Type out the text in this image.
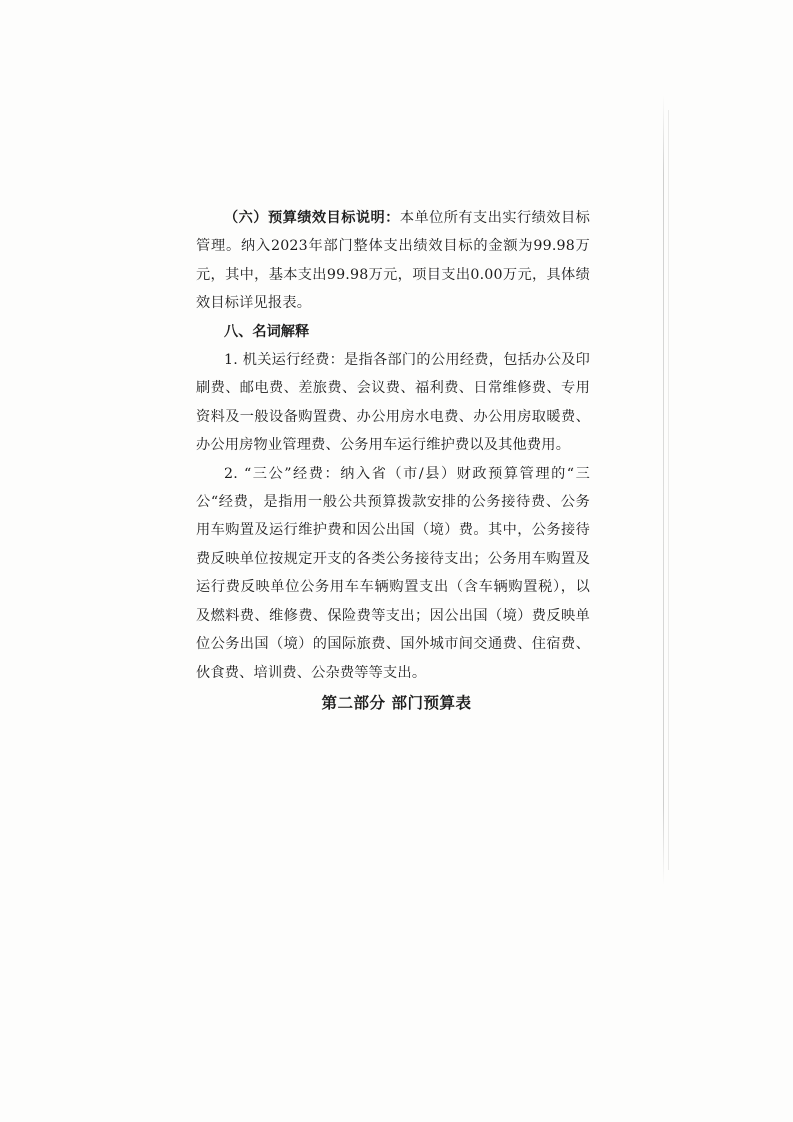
（六）预算绩效目标说明：本单位所有支出实行绩效目标管理。纳入2023年部门整体支出绩效目标的金额为99.98万元，其中，基本支出99.98万元，项目支出0.00万元，具体绩效目标详见报表。

八、名词解释

1. 机关运行经费：是指各部门的公用经费，包括办公及印刷费、邮电费、差旅费、会议费、福利费、日常维修费、专用资料及一般设备购置费、办公用房水电费、办公用房取暖费、办公用房物业管理费、公务用车运行维护费以及其他费用。

2. “三公”经费：纳入省（市/县）财政预算管理的“三公“经费，是指用一般公共预算拨款安排的公务接待费、公务用车购置及运行维护费和因公出国（境）费。其中，公务接待费反映单位按规定开支的各类公务接待支出；公务用车购置及运行费反映单位公务用车车辆购置支出（含车辆购置税），以及燃料费、维修费、保险费等支出；因公出国（境）费反映单位公务出国（境）的国际旅费、国外城市间交通费、住宿费、伙食费、培训费、公杂费等等支出。

第二部分 部门预算表
